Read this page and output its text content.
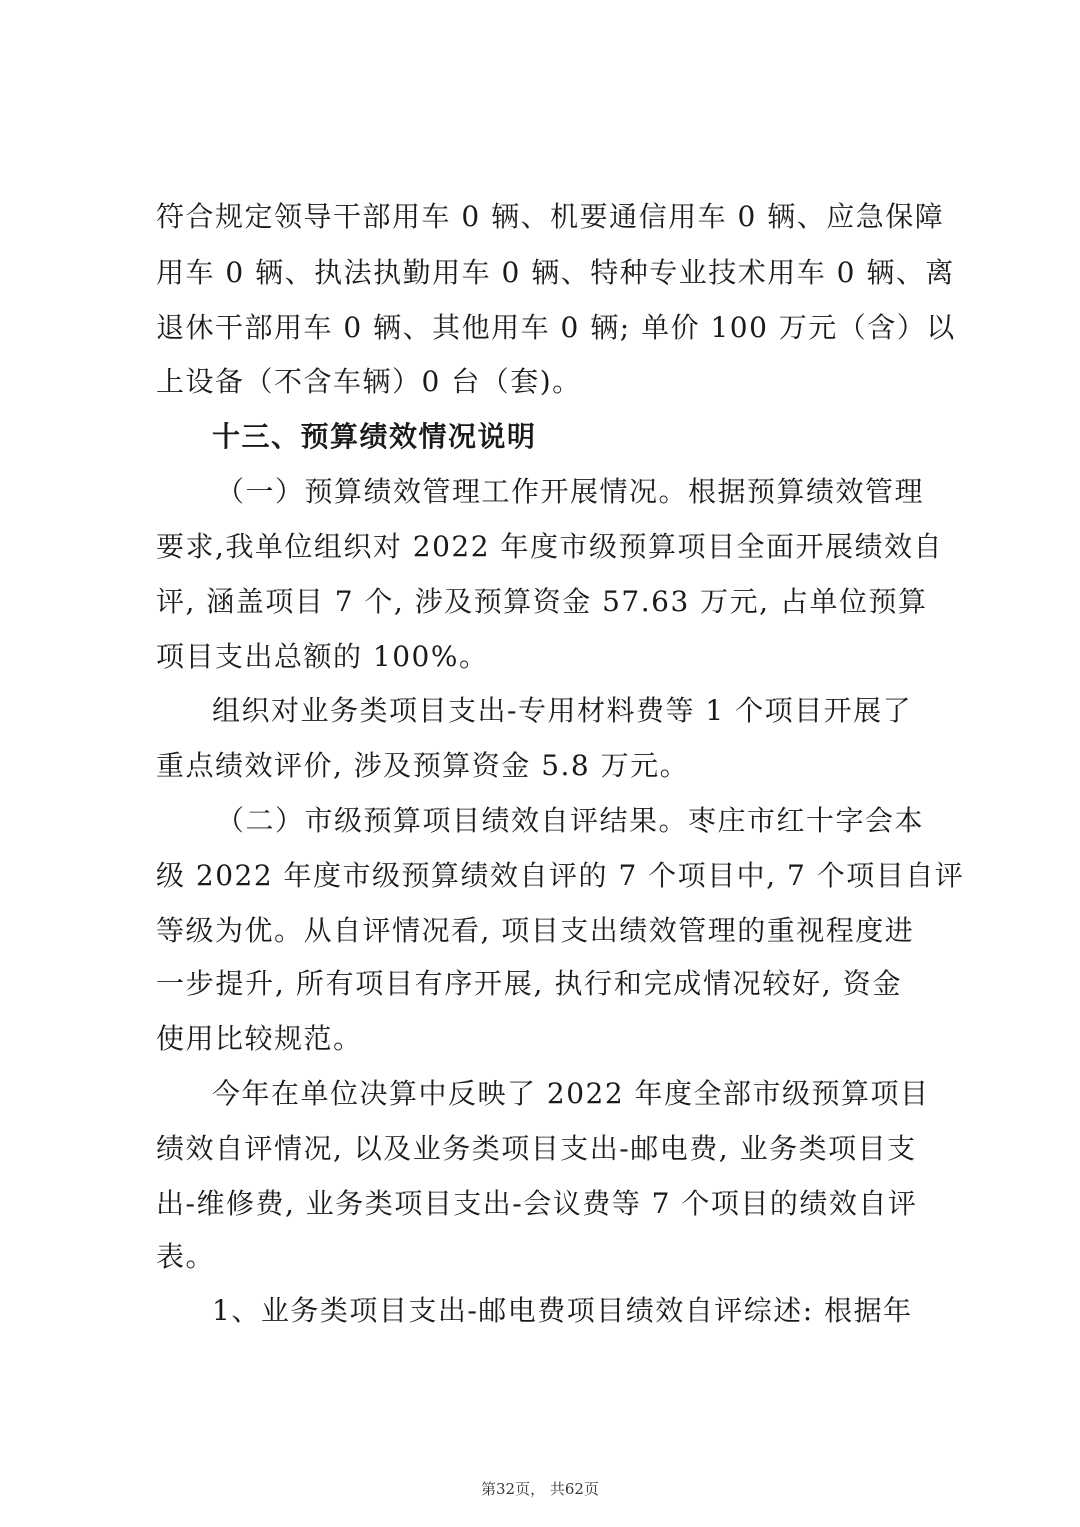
符合规定领导干部用车 0 辆、机要通信用车 0 辆、应急保障
用车 0 辆、执法执勤用车 0 辆、特种专业技术用车 0 辆、离
退休干部用车 0 辆、其他用车 0 辆; 单价 100 万元（含）以
上设备（不含车辆）0 台（套)。
十三、预算绩效情况说明
（一）预算绩效管理工作开展情况。根据预算绩效管理
要求,我单位组织对 2022 年度市级预算项目全面开展绩效自
评, 涵盖项目 7 个, 涉及预算资金 57.63 万元, 占单位预算
项目支出总额的 100%。
组织对业务类项目支出-专用材料费等 1 个项目开展了
重点绩效评价, 涉及预算资金 5.8 万元。
（二）市级预算项目绩效自评结果。枣庄市红十字会本
级 2022 年度市级预算绩效自评的 7 个项目中, 7 个项目自评
等级为优。从自评情况看, 项目支出绩效管理的重视程度进
一步提升, 所有项目有序开展, 执行和完成情况较好, 资金
使用比较规范。
今年在单位决算中反映了 2022 年度全部市级预算项目
绩效自评情况, 以及业务类项目支出-邮电费, 业务类项目支
出-维修费, 业务类项目支出-会议费等 7 个项目的绩效自评
表。
1、业务类项目支出-邮电费项目绩效自评综述: 根据年
第32页， 共62页
